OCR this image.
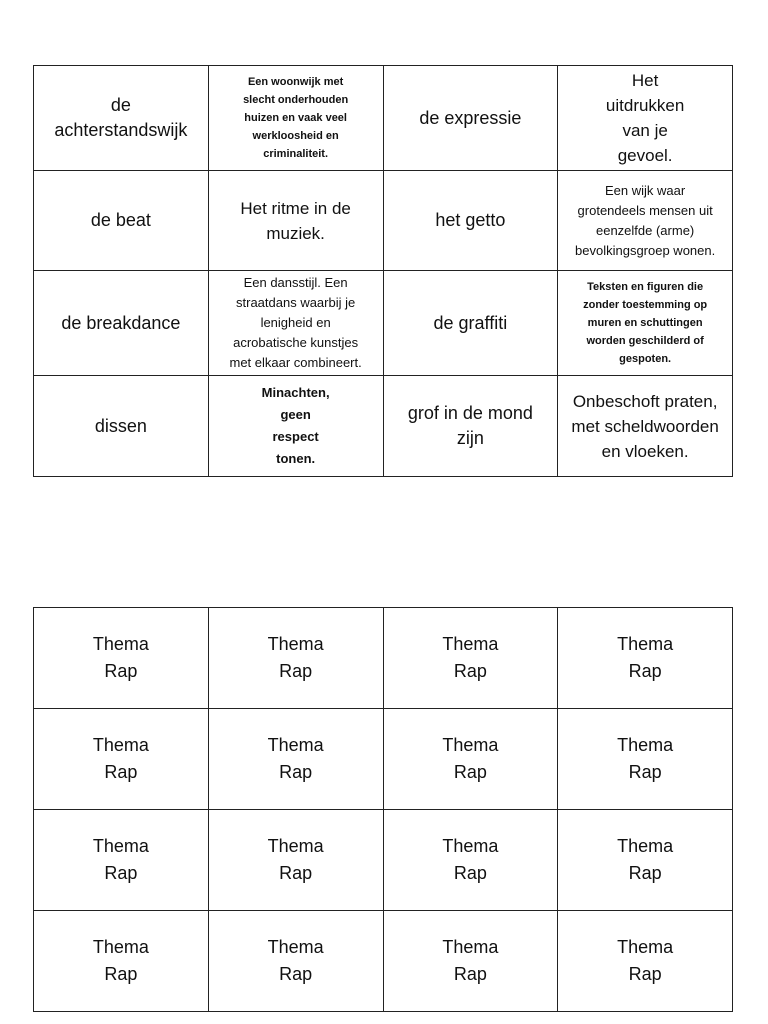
de
achterstandswijk	Een woonwijk met
slecht onderhouden
huizen en vaak veel
werkloosheid en
criminaliteit.	de expressie	Het
uitdrukken
van je
gevoel.

de beat	Het ritme in de
muziek.	het getto	Een wijk waar
grotendeels mensen uit
eenzelfde (arme)
bevolkingsgroep wonen.

de breakdance	Een dansstijl. Een
straatdans waarbij je
lenigheid en
acrobatische kunstjes
met elkaar combineert.	de graffiti	Teksten en figuren die
zonder toestemming op
muren en schuttingen
worden geschilderd of
gespoten.

dissen	Minachten,
geen
respect
tonen.	grof in de mond
zijn	Onbeschoft praten,
met scheldwoorden
en vloeken.
Thema
Rap	Thema
Rap	Thema
Rap	Thema
Rap

Thema
Rap	Thema
Rap	Thema
Rap	Thema
Rap

Thema
Rap	Thema
Rap	Thema
Rap	Thema
Rap

Thema
Rap	Thema
Rap	Thema
Rap	Thema
Rap
